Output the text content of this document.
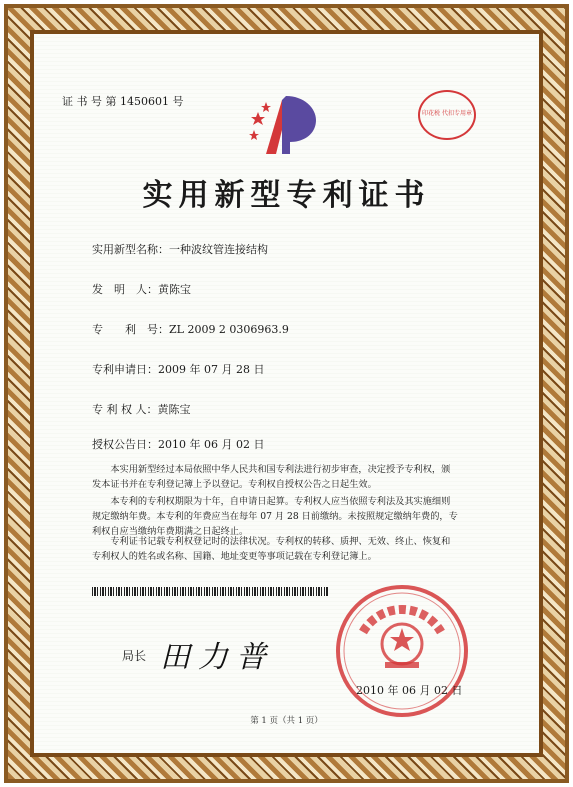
证 书 号 第 1450601 号
印花税 代扣专用章
实用新型专利证书
实用新型名称：一种波纹管连接结构
发　明　人：黄陈宝
专　　利　号：ZL 2009 2 0306963.9
专利申请日：2009 年 07 月 28 日
专 利 权 人：黄陈宝
授权公告日：2010 年 06 月 02 日
　　本实用新型经过本局依照中华人民共和国专利法进行初步审查，决定授予专利权，颁
发本证书并在专利登记簿上予以登记。专利权自授权公告之日起生效。
　　本专利的专利权期限为十年，自申请日起算。专利权人应当依照专利法及其实施细则
规定缴纳年费。本专利的年费应当在每年 07 月 28 日前缴纳。未按照规定缴纳年费的，专
利权自应当缴纳年费期满之日起终止。
　　专利证书记载专利权登记时的法律状况。专利权的转移、质押、无效、终止、恢复和
专利权人的姓名或名称、国籍、地址变更等事项记载在专利登记簿上。
局长 田力普
2010 年 06 月 02 日
第 1 页（共 1 页）
